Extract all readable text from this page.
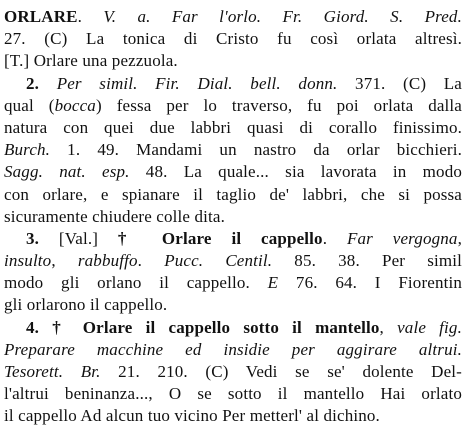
ORLARE. V. a. Far l'orlo. Fr. Giord. S. Pred.
27. (C) La tonica di Cristo fu così orlata altresì.
[T.] Orlare una pezzuola.
2. Per simil. Fir. Dial. bell. donn. 371. (C) La
qual (bocca) fessa per lo traverso, fu poi orlata dalla
natura con quei due labbri quasi di corallo finissimo.
Burch. 1. 49. Mandami un nastro da orlar bicchieri.
Sagg. nat. esp. 48. La quale... sia lavorata in modo
con orlare, e spianare il taglio de' labbri, che si possa
sicuramente chiudere colle dita.
3. [Val.] † Orlare il cappello. Far vergogna,
insulto, rabbuffo. Pucc. Centil. 85. 38. Per simil
modo gli orlano il cappello. E 76. 64. I Fiorentin
gli orlarono il cappello.
4. † Orlare il cappello sotto il mantello, vale fig.
Preparare macchine ed insidie per aggirare altrui.
Tesorett. Br. 21. 210. (C) Vedi se se' dolente Del-
l'altrui beninanza..., O se sotto il mantello Hai orlato
il cappello Ad alcun tuo vicino Per metterl' al dichino.
